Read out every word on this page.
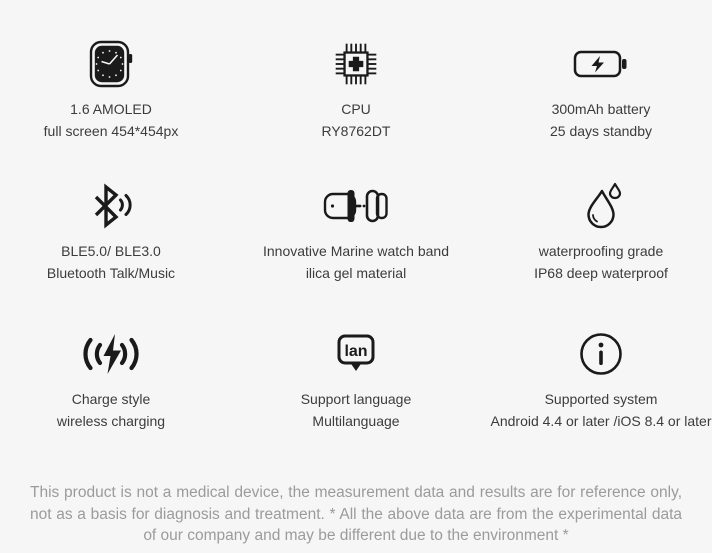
1.6 AMOLED
full screen 454*454px
CPU
RY8762DT
300mAh battery
25 days standby
BLE5.0/ BLE3.0
Bluetooth Talk/Music
Innovative Marine watch band
ilica gel material
waterproofing grade
IP68 deep waterproof
Charge style
wireless charging
lan
Support language
Multilanguage
Supported system
Android 4.4 or later /iOS 8.4 or later
This product is not a medical device, the measurement data and results are for reference only, not as a basis for diagnosis and treatment. * All the above data are from the experimental data of our company and may be different due to the environment *
